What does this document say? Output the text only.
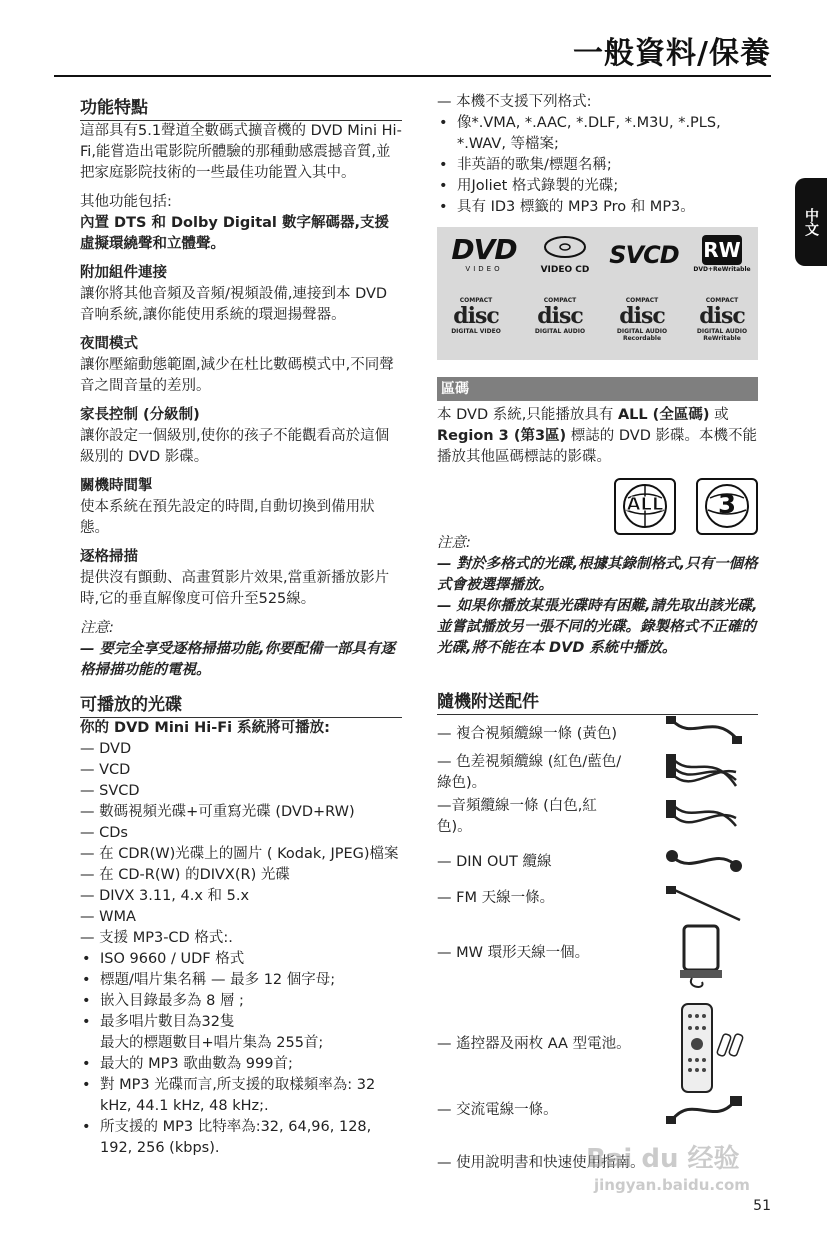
一般資料/保養
中文
功能特點

這部具有5.1聲道全數碼式擴音機的 DVD Mini Hi-Fi,能嘗造出電影院所體驗的那種動感震撼音質,並把家庭影院技術的一些最佳功能置入其中。

其他功能包括:

內置 DTS 和 Dolby Digital 數字解碼器,支援虛擬環繞聲和立體聲。

附加組件連接

讓你將其他音頻及音頻/視頻設備,連接到本 DVD 音响系統,讓你能使用系統的環迴揚聲器。

夜間模式

讓你壓縮動態範圍,減少在杜比數碼模式中,不同聲音之間音量的差別。

家長控制 (分級制)

讓你設定一個級別,使你的孩子不能觀看高於這個級別的 DVD 影碟。

關機時間掣

使本系統在預先設定的時間,自動切換到備用狀態。

逐格掃描

提供沒有顫動、高畫質影片效果,當重新播放影片時,它的垂直解像度可倍升至525線。

注意:

— 要完全享受逐格掃描功能,你要配備一部具有逐格掃描功能的電視。

可播放的光碟

你的 DVD Mini Hi-Fi 系統將可播放:

— DVD
— VCD
— SVCD
— 數碼視頻光碟+可重寫光碟 (DVD+RW)
— CDs
— 在 CDR(W)光碟上的圖片 ( Kodak, JPEG)檔案
— 在 CD-R(W) 的DIVX(R) 光碟
— DIVX 3.11, 4.x 和 5.x
— WMA
— 支援 MP3-CD 格式:.
• ISO 9660 / UDF 格式
• 標題/唱片集名稱 — 最多 12 個字母;
• 嵌入目錄最多為 8 層 ;
• 最多唱片數目為32隻
最大的標題數目+唱片集為 255首;
• 最大的 MP3 歌曲數為 999首;
• 對 MP3 光碟而言,所支援的取樣頻率為: 32 kHz, 44.1 kHz, 48 kHz;.
• 所支援的 MP3 比特率為:32, 64,96, 128, 192, 256 (kbps).

— 本機不支援下列格式:

• 像*.VMA, *.AAC, *.DLF, *.M3U, *.PLS, *.WAV, 等檔案;
• 非英語的歌集/標題名稱;
• 用Joliet 格式錄製的光碟;
• 具有 ID3 標籤的 MP3 Pro 和 MP3。
DVD
VIDEO	VIDEO CD
SVCD RW
DVD+ReWritable
COMPACT
disc
DIGITAL VIDEO
COMPACT
disc
DIGITAL AUDIO
COMPACT
disc
DIGITAL AUDIO Recordable
COMPACT
disc
DIGITAL AUDIO ReWritable
區碼
本 DVD 系統,只能播放具有 ALL (全區碼) 或Region 3 (第3區) 標誌的 DVD 影碟。本機不能播放其他區碼標誌的影碟。
ALL	3

注意:

— 對於多格式的光碟,根據其錄制格式,只有一個格式會被選擇播放。

— 如果你播放某張光碟時有困難,請先取出該光碟,並嘗試播放另一張不同的光碟。錄製格式不正確的光碟,將不能在本 DVD 系統中播放。

隨機附送配件
— 複合視頻纜線一條 (黃色)
— 色差視頻纜線 (紅色/藍色/綠色)。
—音頻纜線一條 (白色,紅色)。
— DIN OUT 纜線
— FM 天線一條。
— MW 環形天線一個。
— 遙控器及兩枚 AA 型電池。
— 交流電線一條。
— 使用說明書和快速使用指南。
Bai du 经验
jingyan.baidu.com
51
